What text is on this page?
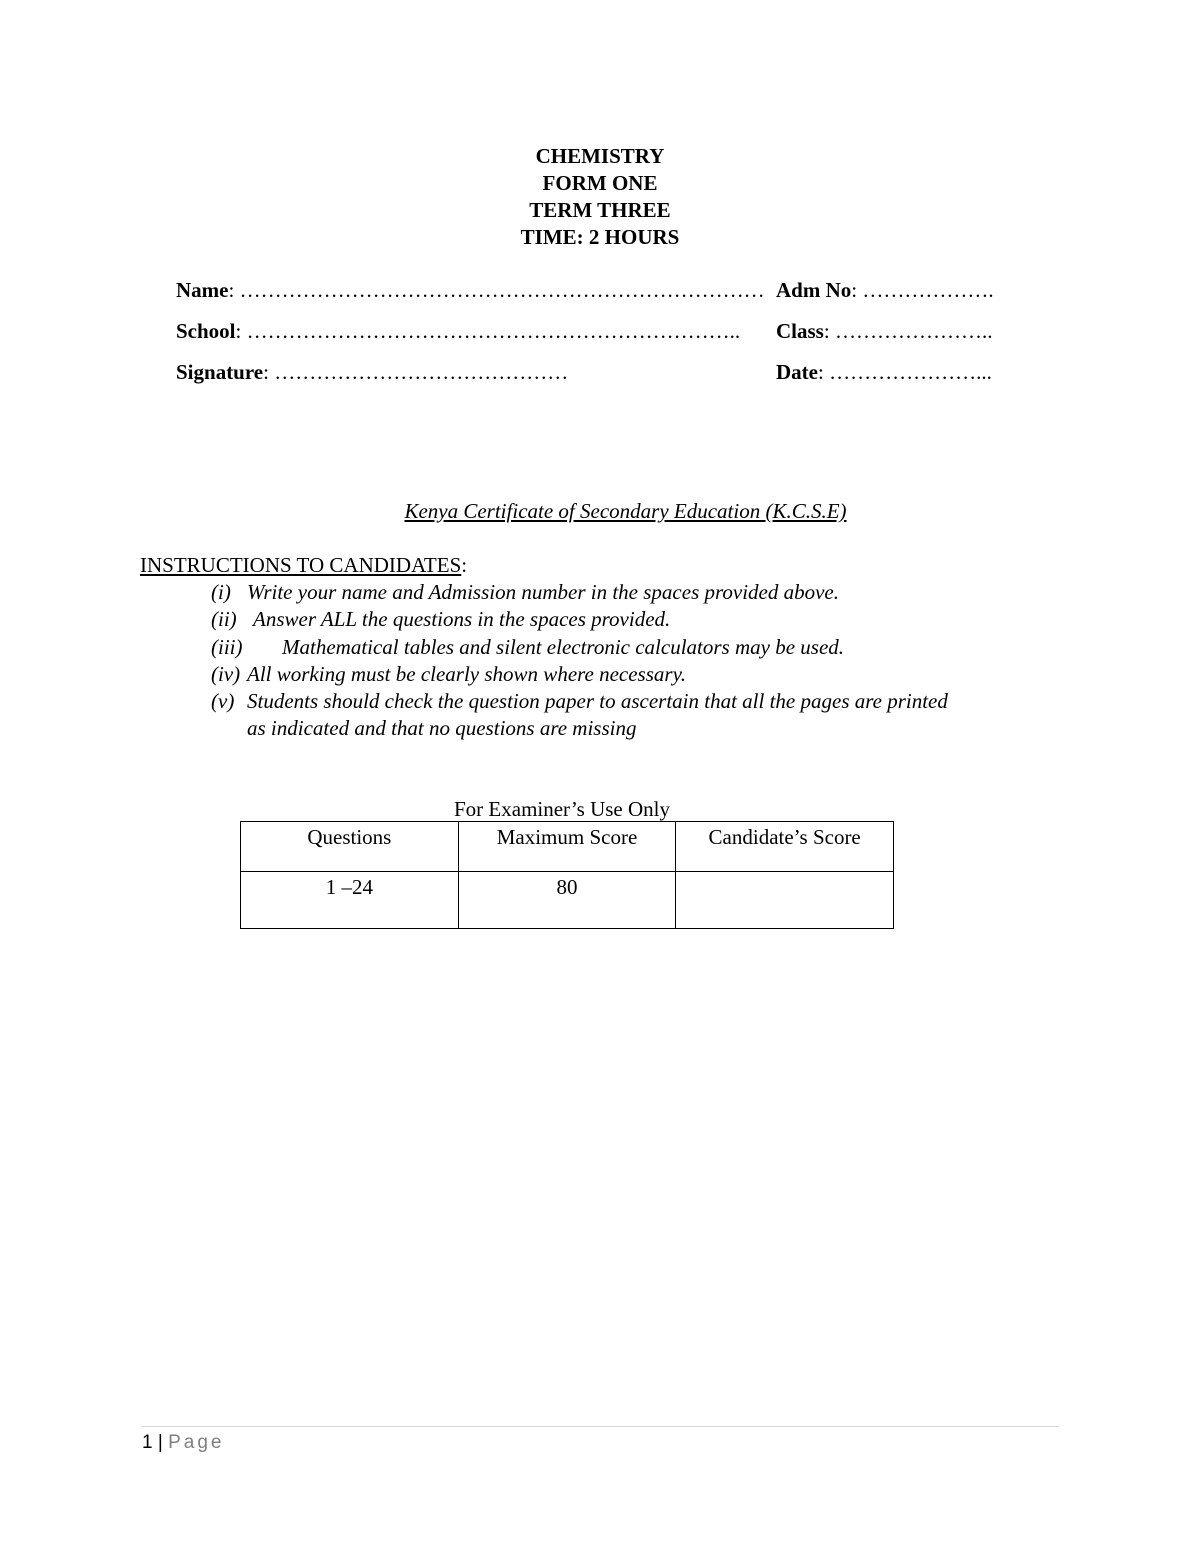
CHEMISTRY
FORM ONE
TERM THREE
TIME: 2 HOURS
Name: ………………………………………………………………… Adm No: ……………….
School: …………………………………………………………….. Class: …………………..
Signature: ……………………………………	Date: …………………...
Kenya Certificate of Secondary Education (K.C.S.E)
INSTRUCTIONS TO CANDIDATES:
(i) Write your name and Admission number in the spaces provided above.
(ii) Answer ALL the questions in the spaces provided.
(iii) Mathematical tables and silent electronic calculators may be used.
(iv) All working must be clearly shown where necessary.
(v) Students should check the question paper to ascertain that all the pages are printed
as indicated and that no questions are missing
For Examiner’s Use Only
Questions	Maximum Score	Candidate’s Score
1 –24	80	
1 | Page
